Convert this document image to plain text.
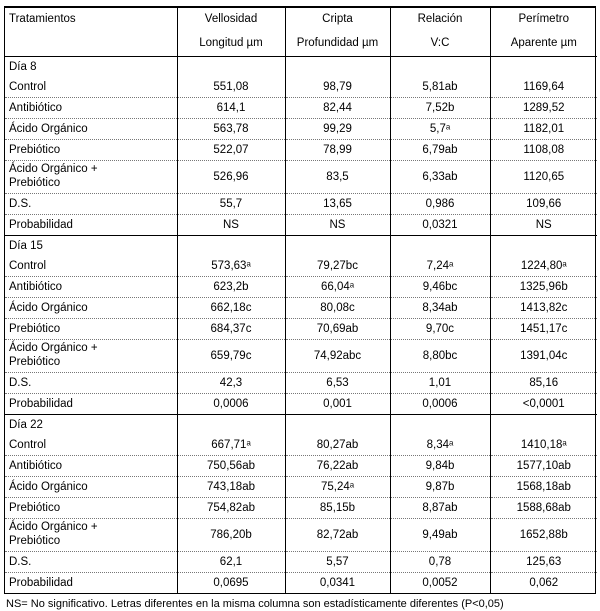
Tratamientos	Vellosidad	Cripta	Relación	Perímetro
	Longitud µm	Profundidad µm	V:C	Aparente µm
Día 8				
Control	551,08	98,79	5,81ab	1169,64
Antibiótico	614,1	82,44	7,52b	1289,52
Ácido Orgánico	563,78	99,29	5,7ᵃ	1182,01
Prebiótico	522,07	78,99	6,79ab	1108,08

Ácido Orgánico +
Prebiótico	526,96	83,5	6,33ab	1120,65
D.S.	55,7	13,65	0,986	109,66
Probabilidad	NS	NS	0,0321	NS
Día 15				
Control	573,63ᵃ	79,27bc	7,24ᵃ	1224,80ᵃ
Antibiótico	623,2b	66,04ᵃ	9,46bc	1325,96b
Ácido Orgánico	662,18c	80,08c	8,34ab	1413,82c
Prebiótico	684,37c	70,69ab	9,70c	1451,17c

Ácido Orgánico +
Prebiótico	659,79c	74,92abc	8,80bc	1391,04c
D.S.	42,3	6,53	1,01	85,16
Probabilidad	0,0006	0,001	0,0006	<0,0001
Día 22				
Control	667,71ᵃ	80,27ab	8,34ᵃ	1410,18ᵃ
Antibiótico	750,56ab	76,22ab	9,84b	1577,10ab
Ácido Orgánico	743,18ab	75,24ᵃ	9,87b	1568,18ab
Prebiótico	754,82ab	85,15b	8,87ab	1588,68ab

Ácido Orgánico +
Prebiótico	786,20b	82,72ab	9,49ab	1652,88b
D.S.	62,1	5,57	0,78	125,63
Probabilidad	0,0695	0,0341	0,0052	0,062
NS= No significativo. Letras diferentes en la misma columna son estadísticamente diferentes (P<0,05)
